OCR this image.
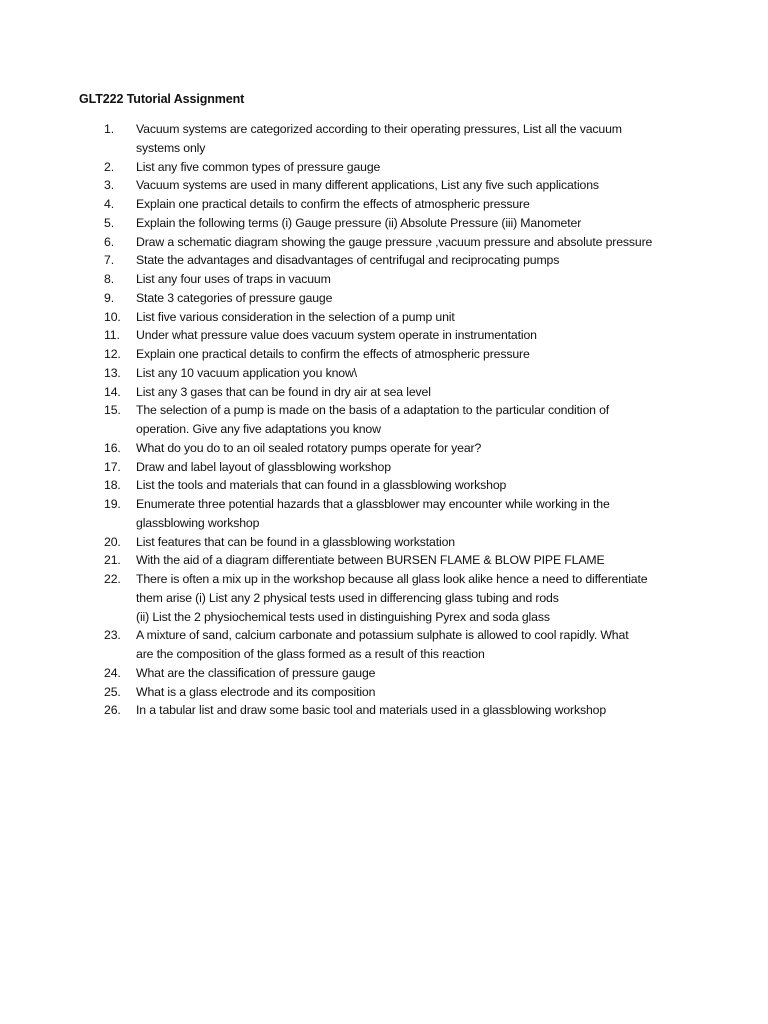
GLT222 Tutorial Assignment
1.	Vacuum systems are categorized according to their operating pressures, List all the vacuum
systems only
2.	List any five common types of pressure gauge
3.	Vacuum systems are used in many different applications, List any five such applications
4.	Explain one practical details to confirm the effects of atmospheric pressure
5.	Explain the following terms (i) Gauge pressure (ii) Absolute Pressure (iii) Manometer
6.	Draw a schematic diagram showing the gauge pressure ,vacuum pressure and absolute pressure
7.	State the advantages and disadvantages of centrifugal and reciprocating pumps
8.	List any four uses of traps in vacuum
9.	State 3 categories of pressure gauge
10.	List five various consideration in the selection of a pump unit
11.	Under what pressure value does vacuum system operate in instrumentation
12.	Explain one practical details to confirm the effects of atmospheric pressure
13.	List any 10 vacuum application you know\
14.	List any 3 gases that can be found in dry air at sea level
15.	The selection of a pump is made on the basis of a adaptation to the particular condition of
operation. Give any five adaptations you know
16.	What do you do to an oil sealed rotatory pumps operate for year?
17.	Draw and label layout of glassblowing workshop
18.	List the tools and materials that can found in a glassblowing workshop
19.	Enumerate three potential hazards that a glassblower may encounter while working in the
glassblowing workshop
20.	List features that can be found in a glassblowing workstation
21.	With the aid of a diagram differentiate between BURSEN FLAME & BLOW PIPE FLAME
22.	There is often a mix up in the workshop because all glass look alike hence a need to differentiate
them arise (i) List any 2 physical tests used in differencing glass tubing and rods
(ii) List the 2 physiochemical tests used in distinguishing Pyrex and soda glass
23.	A mixture of sand, calcium carbonate and potassium sulphate is allowed to cool rapidly. What
are the composition of the glass formed as a result of this reaction
24.	What are the classification of pressure gauge
25.	What is a glass electrode and its composition
26.	In a tabular list and draw some basic tool and materials used in a glassblowing workshop
